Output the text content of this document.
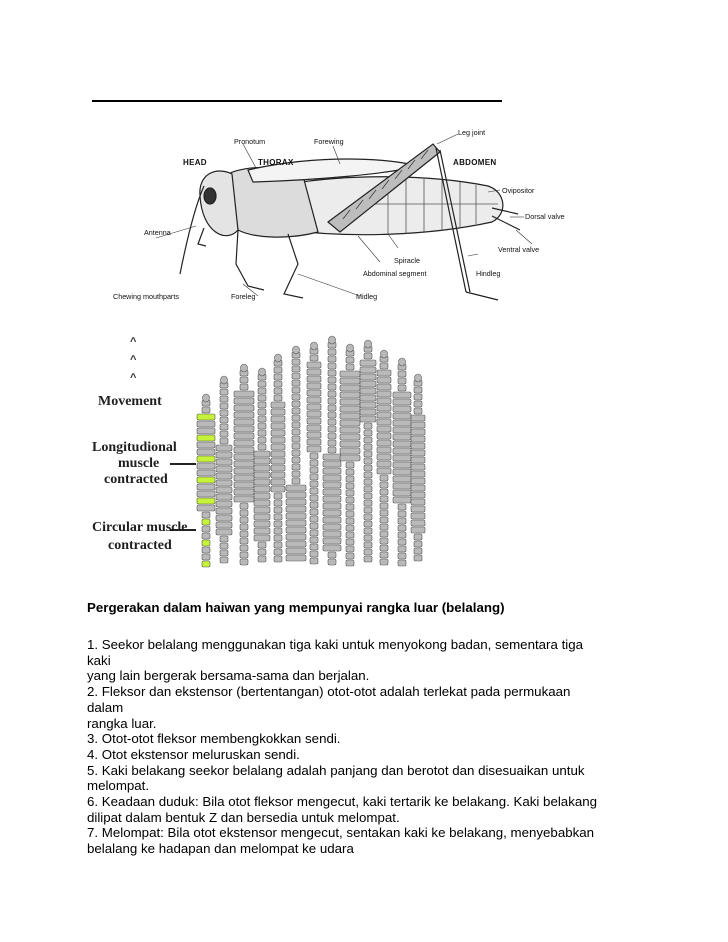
Pronotum	Forewing
Leg joint
HEAD	THORAX	ABDOMEN
Ovipositor
Antenna
Dorsal valve
Ventral valve
Spiracle
Abdominal segment	Hindleg
Chewing mouthparts	Foreleg	Midleg
^
^
^
Movement
Longitudional
muscle
contracted
Circular muscle
contracted
Pergerakan dalam haiwan yang mempunyai rangka luar (belalang)
1. Seekor belalang menggunakan tiga kaki untuk menyokong badan, sementara tiga
kaki
yang lain bergerak bersama-sama dan berjalan.
2. Fleksor dan ekstensor (bertentangan) otot-otot adalah terlekat pada permukaan
dalam
rangka luar.
3. Otot-otot fleksor membengkokkan sendi.
4. Otot ekstensor meluruskan sendi.
5. Kaki belakang seekor belalang adalah panjang dan berotot dan disesuaikan untuk
melompat.
6. Keadaan duduk: Bila otot fleksor mengecut, kaki tertarik ke belakang. Kaki belakang
dilipat dalam bentuk Z dan bersedia untuk melompat.
7. Melompat: Bila otot ekstensor mengecut, sentakan kaki ke belakang, menyebabkan
belalang ke hadapan dan melompat ke udara
